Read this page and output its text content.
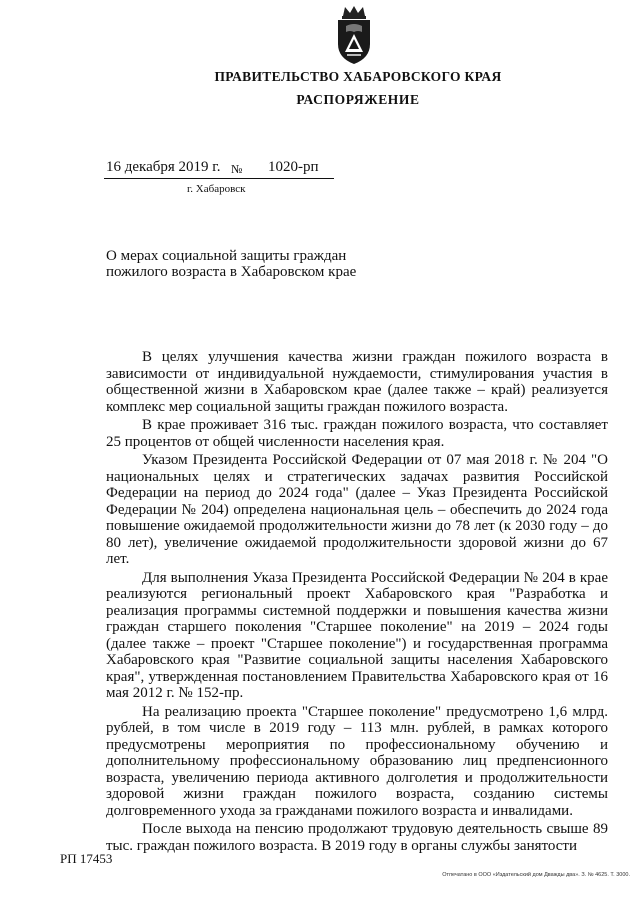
ПРАВИТЕЛЬСТВО ХАБАРОВСКОГО КРАЯ
РАСПОРЯЖЕНИЕ
16 декабря 2019 г. № 1020-рп
г. Хабаровск
О мерах социальной защиты граждан пожилого возраста в Хабаровском крае

В целях улучшения качества жизни граждан пожилого возраста в зависимости от индивидуальной нуждаемости, стимулирования участия в общественной жизни в Хабаровском крае (далее также – край) реализуется комплекс мер социальной защиты граждан пожилого возраста.

В крае проживает 316 тыс. граждан пожилого возраста, что составляет 25 процентов от общей численности населения края.

Указом Президента Российской Федерации от 07 мая 2018 г. № 204 "О национальных целях и стратегических задачах развития Российской Федерации на период до 2024 года" (далее – Указ Президента Российской Федерации № 204) определена национальная цель – обеспечить до 2024 года повышение ожидаемой продолжительности жизни до 78 лет (к 2030 году – до 80 лет), увеличение ожидаемой продолжительности здоровой жизни до 67 лет.

Для выполнения Указа Президента Российской Федерации № 204 в крае реализуются региональный проект Хабаровского края "Разработка и реализация программы системной поддержки и повышения качества жизни граждан старшего поколения "Старшее поколение" на 2019 – 2024 годы (далее также – проект "Старшее поколение") и государственная программа Хабаровского края "Развитие социальной защиты населения Хабаровского края", утвержденная постановлением Правительства Хабаровского края от 16 мая 2012 г. № 152-пр.

На реализацию проекта "Старшее поколение" предусмотрено 1,6 млрд. рублей, в том числе в 2019 году – 113 млн. рублей, в рамках которого предусмотрены мероприятия по профессиональному обучению и дополнительному профессиональному образованию лиц предпенсионного возраста, увеличению периода активного долголетия и продолжительности здоровой жизни граждан пожилого возраста, созданию системы долговременного ухода за гражданами пожилого возраста и инвалидами.

После выхода на пенсию продолжают трудовую деятельность свыше 89 тыс. граждан пожилого возраста. В 2019 году в органы службы занятости

РП 17453
Отпечатано в ООО «Издательский дом Дважды два». З. № 4625. Т. 3000.
